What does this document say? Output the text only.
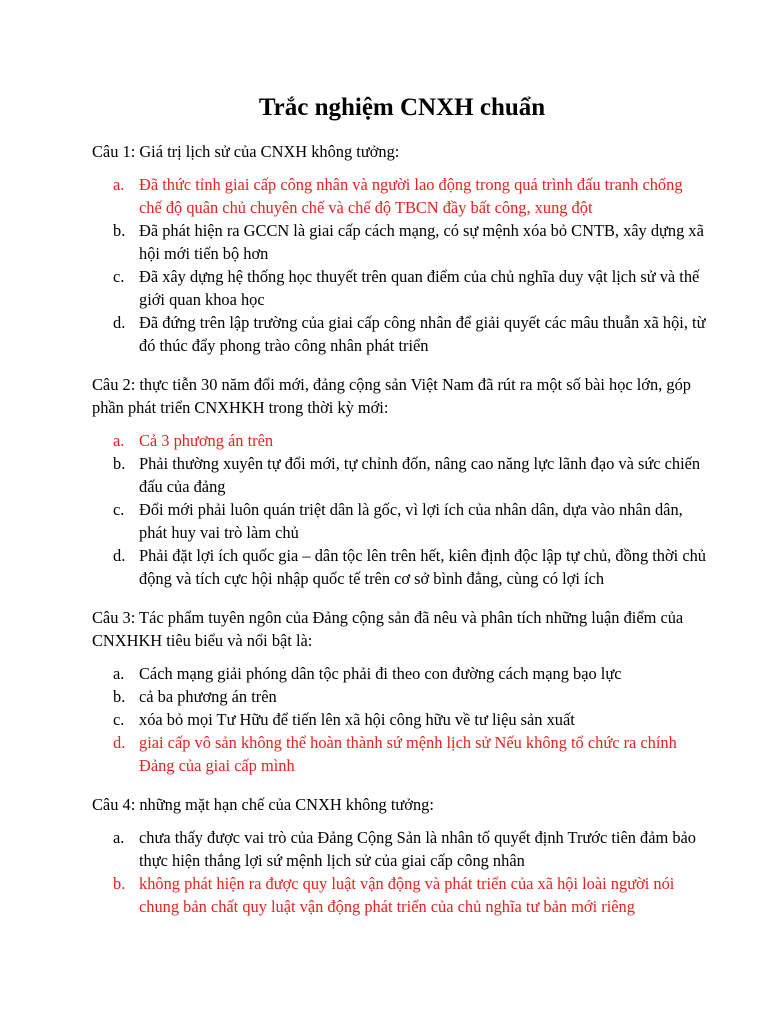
Trắc nghiệm CNXH chuẩn

Câu 1: Giá trị lịch sử của CNXH không tưởng:

a. Đã thức tỉnh giai cấp công nhân và người lao động trong quá trình đấu tranh chống chế độ quân chủ chuyên chế và chế độ TBCN đầy bất công, xung đột
b. Đã phát hiện ra GCCN là giai cấp cách mạng, có sự mệnh xóa bỏ CNTB, xây dựng xã hội mới tiến bộ hơn
c. Đã xây dựng hệ thống học thuyết trên quan điểm của chủ nghĩa duy vật lịch sử và thế giới quan khoa học
d. Đã đứng trên lập trường của giai cấp công nhân để giải quyết các mâu thuẫn xã hội, từ đó thúc đẩy phong trào công nhân phát triển

Câu 2: thực tiễn 30 năm đổi mới, đảng cộng sản Việt Nam đã rút ra một số bài học lớn, góp phần phát triển CNXHKH trong thời kỳ mới:

a. Cả 3 phương án trên
b. Phải thường xuyên tự đổi mới, tự chỉnh đốn, nâng cao năng lực lãnh đạo và sức chiến đấu của đảng
c. Đổi mới phải luôn quán triệt dân là gốc, vì lợi ích của nhân dân, dựa vào nhân dân, phát huy vai trò làm chủ
d. Phải đặt lợi ích quốc gia – dân tộc lên trên hết, kiên định độc lập tự chủ, đồng thời chủ động và tích cực hội nhập quốc tế trên cơ sở bình đẳng, cùng có lợi ích

Câu 3: Tác phẩm tuyên ngôn của Đảng cộng sản đã nêu và phân tích những luận điểm của CNXHKH tiêu biểu và nổi bật là:

a. Cách mạng giải phóng dân tộc phải đi theo con đường cách mạng bạo lực
b. cả ba phương án trên
c. xóa bỏ mọi Tư Hữu để tiến lên xã hội công hữu về tư liệu sản xuất
d. giai cấp vô sản không thể hoàn thành sứ mệnh lịch sử Nếu không tổ chức ra chính Đảng của giai cấp mình

Câu 4: những mặt hạn chế của CNXH không tưởng:

a. chưa thấy được vai trò của Đảng Cộng Sản là nhân tố quyết định Trước tiên đảm bảo thực hiện thắng lợi sứ mệnh lịch sử của giai cấp công nhân
b. không phát hiện ra được quy luật vận động và phát triển của xã hội loài người nói chung bản chất quy luật vận động phát triển của chủ nghĩa tư bản mới riêng
